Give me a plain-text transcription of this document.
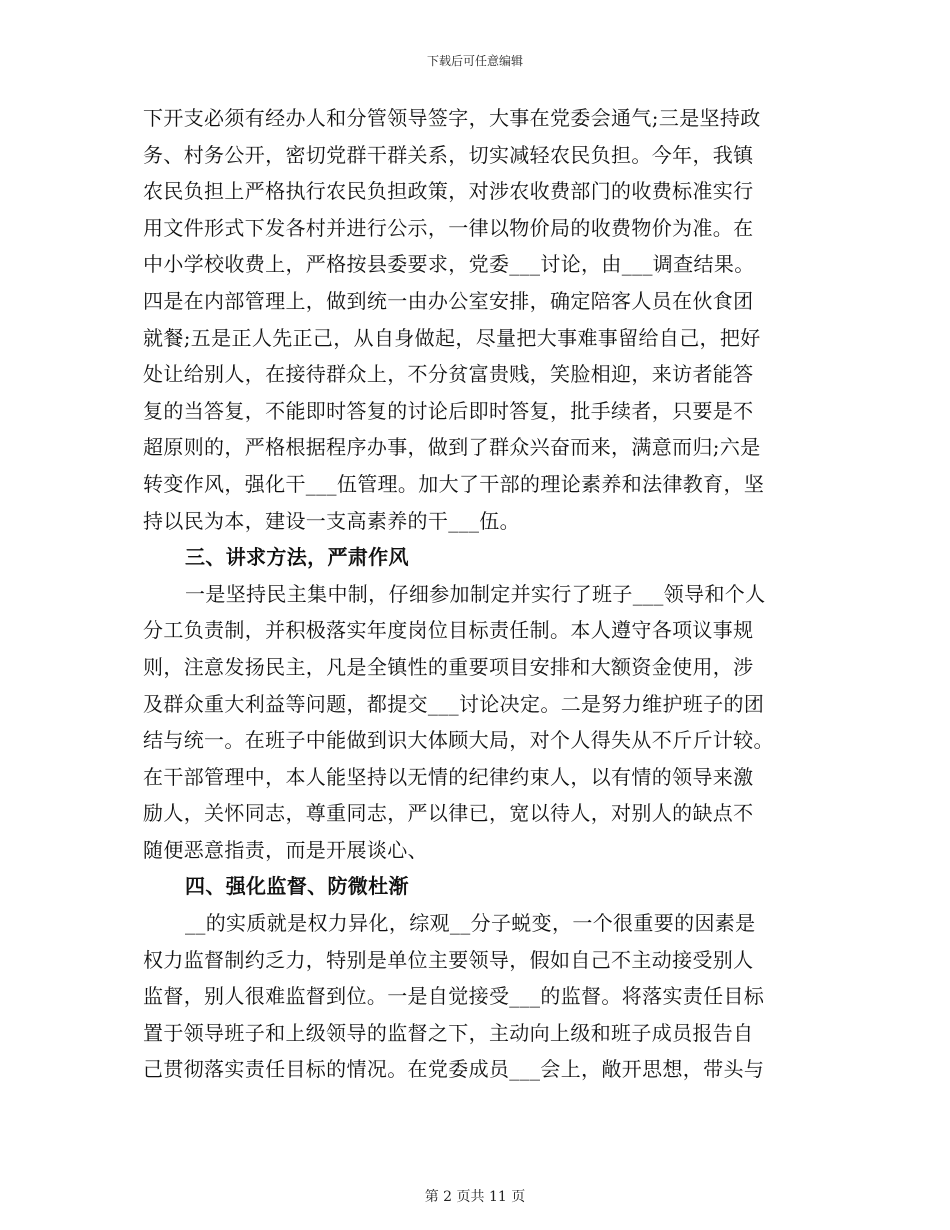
下载后可任意编辑
下开支必须有经办人和分管领导签字，大事在党委会通气;三是坚持政
务、村务公开，密切党群干群关系，切实减轻农民负担。今年，我镇
农民负担上严格执行农民负担政策，对涉农收费部门的收费标准实行
用文件形式下发各村并进行公示，一律以物价局的收费物价为准。在
中小学校收费上，严格按县委要求，党委___讨论，由___调查结果。
四是在内部管理上，做到统一由办公室安排，确定陪客人员在伙食团
就餐;五是正人先正己，从自身做起，尽量把大事难事留给自己，把好
处让给别人，在接待群众上，不分贫富贵贱，笑脸相迎，来访者能答
复的当答复，不能即时答复的讨论后即时答复，批手续者，只要是不
超原则的，严格根据程序办事，做到了群众兴奋而来，满意而归;六是
转变作风，强化干___伍管理。加大了干部的理论素养和法律教育，坚
持以民为本，建设一支高素养的干___伍。
三、讲求方法，严肃作风
一是坚持民主集中制，仔细参加制定并实行了班子___领导和个人
分工负责制，并积极落实年度岗位目标责任制。本人遵守各项议事规
则，注意发扬民主，凡是全镇性的重要项目安排和大额资金使用，涉
及群众重大利益等问题，都提交___讨论决定。二是努力维护班子的团
结与统一。在班子中能做到识大体顾大局，对个人得失从不斤斤计较。
在干部管理中，本人能坚持以无情的纪律约束人，以有情的领导来激
励人，关怀同志，尊重同志，严以律已，宽以待人，对别人的缺点不
随便恶意指责，而是开展谈心、
四、强化监督、防微杜渐
__的实质就是权力异化，综观__分子蜕变，一个很重要的因素是
权力监督制约乏力，特别是单位主要领导，假如自己不主动接受别人
监督，别人很难监督到位。一是自觉接受___的监督。将落实责任目标
置于领导班子和上级领导的监督之下，主动向上级和班子成员报告自
己贯彻落实责任目标的情况。在党委成员___会上，敞开思想，带头与
第 2 页共 11 页
